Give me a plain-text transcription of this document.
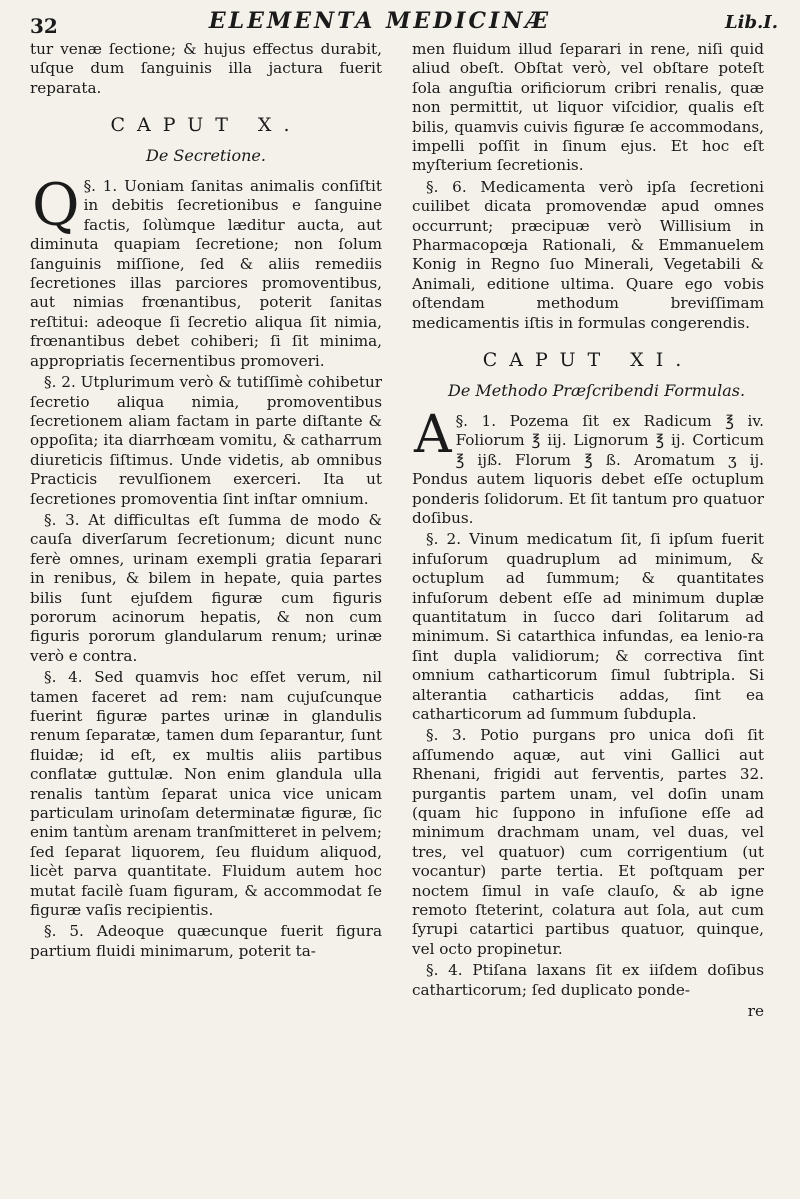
32	ELEMENTA MEDICINÆ	Lib.I.

tur venæ ſectione; & hujus effectus durabit, uſque dum ſanguinis illa jactura fuerit reparata.

CAPUT X.
De Secretione.

§. 1.
Q	Uoniam ſanitas animalis conſiſtit in debitis ſecretionibus e ſanguine factis, ſolùmque læditur aucta, aut diminuta quapiam ſecretione; non ſolum ſanguinis miſſione, ſed & aliis remediis ſecretiones illas parciores promoventibus, aut nimias frœnantibus, poterit ſanitas reſtitui: adeoque ſi ſecretio aliqua ſit nimia, frœnantibus debet cohiberi; ſi ſit minima, appropriatis ſecernentibus promoveri.

§. 2. Utplurimum verò & tutiſſimè cohibetur ſecretio aliqua nimia, promoventibus ſecretionem aliam factam in parte diſtante & oppoſita; ita diarrhœam vomitu, & catharrum diureticis ſiſtimus. Unde videtis, ab omnibus Practicis revulſionem exerceri. Ita ut ſecretiones promoventia ſint inſtar omnium.

§. 3. At difficultas eſt ſumma de modo & cauſa diverſarum ſecretionum; dicunt nunc ferè omnes, urinam exempli gratia ſeparari in renibus, & bilem in hepate, quia partes bilis ſunt ejuſdem figuræ cum figuris pororum acinorum hepatis, & non cum figuris pororum glandularum renum; urinæ verò e contra.

§. 4. Sed quamvis hoc eſſet verum, nil tamen faceret ad rem: nam cujuſcunque fuerint figuræ partes urinæ in glandulis renum ſeparatæ, tamen dum ſeparantur, ſunt fluidæ; id eſt, ex multis aliis partibus conflatæ guttulæ. Non enim glandula ulla renalis tantùm ſeparat unica vice unicam particulam urinoſam determinatæ figuræ, ſic enim tantùm arenam tranſmitteret in pelvem; ſed ſeparat liquorem, ſeu fluidum aliquod, licèt parva quantitate. Fluidum autem hoc mutat facilè ſuam figuram, & accommodat ſe figuræ vaſis recipientis.

§. 5. Adeoque quæcunque fuerit figura partium fluidi minimarum, poterit ta-

men fluidum illud ſeparari in rene, niſi quid aliud obeſt. Obſtat verò, vel obſtare poteſt ſola anguſtia orificiorum cribri renalis, quæ non permittit, ut liquor viſcidior, qualis eſt bilis, quamvis cuivis figuræ ſe accommodans, impelli poſſit in ſinum ejus. Et hoc eſt myſterium ſecretionis.

§. 6. Medicamenta verò ipſa ſecretioni cuilibet dicata promovendæ apud omnes occurrunt; præcipuæ verò Willisium in Pharmacopœja Rationali, & Emmanuelem Konig in Regno ſuo Minerali, Vegetabili & Animali, editione ultima. Quare ego vobis oſtendam methodum breviſſimam medicamentis iſtis in formulas congerendis.

CAPUT XI.
De Methodo Præſcribendi Formulas.

§. 1.
A	Pozema ſit ex Radicum ℥ iv. Foliorum ℥ iij. Lignorum ℥ ij. Corticum ℥ ijß. Florum ℥ ß. Aromatum ʒ ij. Pondus autem liquoris debet eſſe octuplum ponderis ſolidorum. Et ſit tantum pro quatuor doſibus.

§. 2. Vinum medicatum ſit, ſi ipſum fuerit infuſorum quadruplum ad minimum, & octuplum ad ſummum; & quantitates infuſorum debent eſſe ad minimum duplæ quantitatum in ſucco dari ſolitarum ad minimum. Si catarthica infundas, ea lenio-ra ſint dupla validiorum; & correctiva ſint omnium catharticorum ſimul ſubtripla. Si alterantia catharticis addas, ſint ea catharticorum ad ſummum ſubdupla.

§. 3. Potio purgans pro unica doſi ſit aſſumendo aquæ, aut vini Gallici aut Rhenani, frigidi aut ferventis, partes 32. purgantis partem unam, vel doſin unam (quam hic ſuppono in infuſione eſſe ad minimum drachmam unam, vel duas, vel tres, vel quatuor) cum corrigentium (ut vocantur) parte tertia. Et poſtquam per noctem ſimul in vaſe clauſo, & ab igne remoto ſteterint, colatura aut ſola, aut cum ſyrupi catartici partibus quatuor, quinque, vel octo propinetur.

§. 4. Ptiſana laxans ſit ex iiſdem doſibus catharticorum; ſed duplicato ponde-

re
